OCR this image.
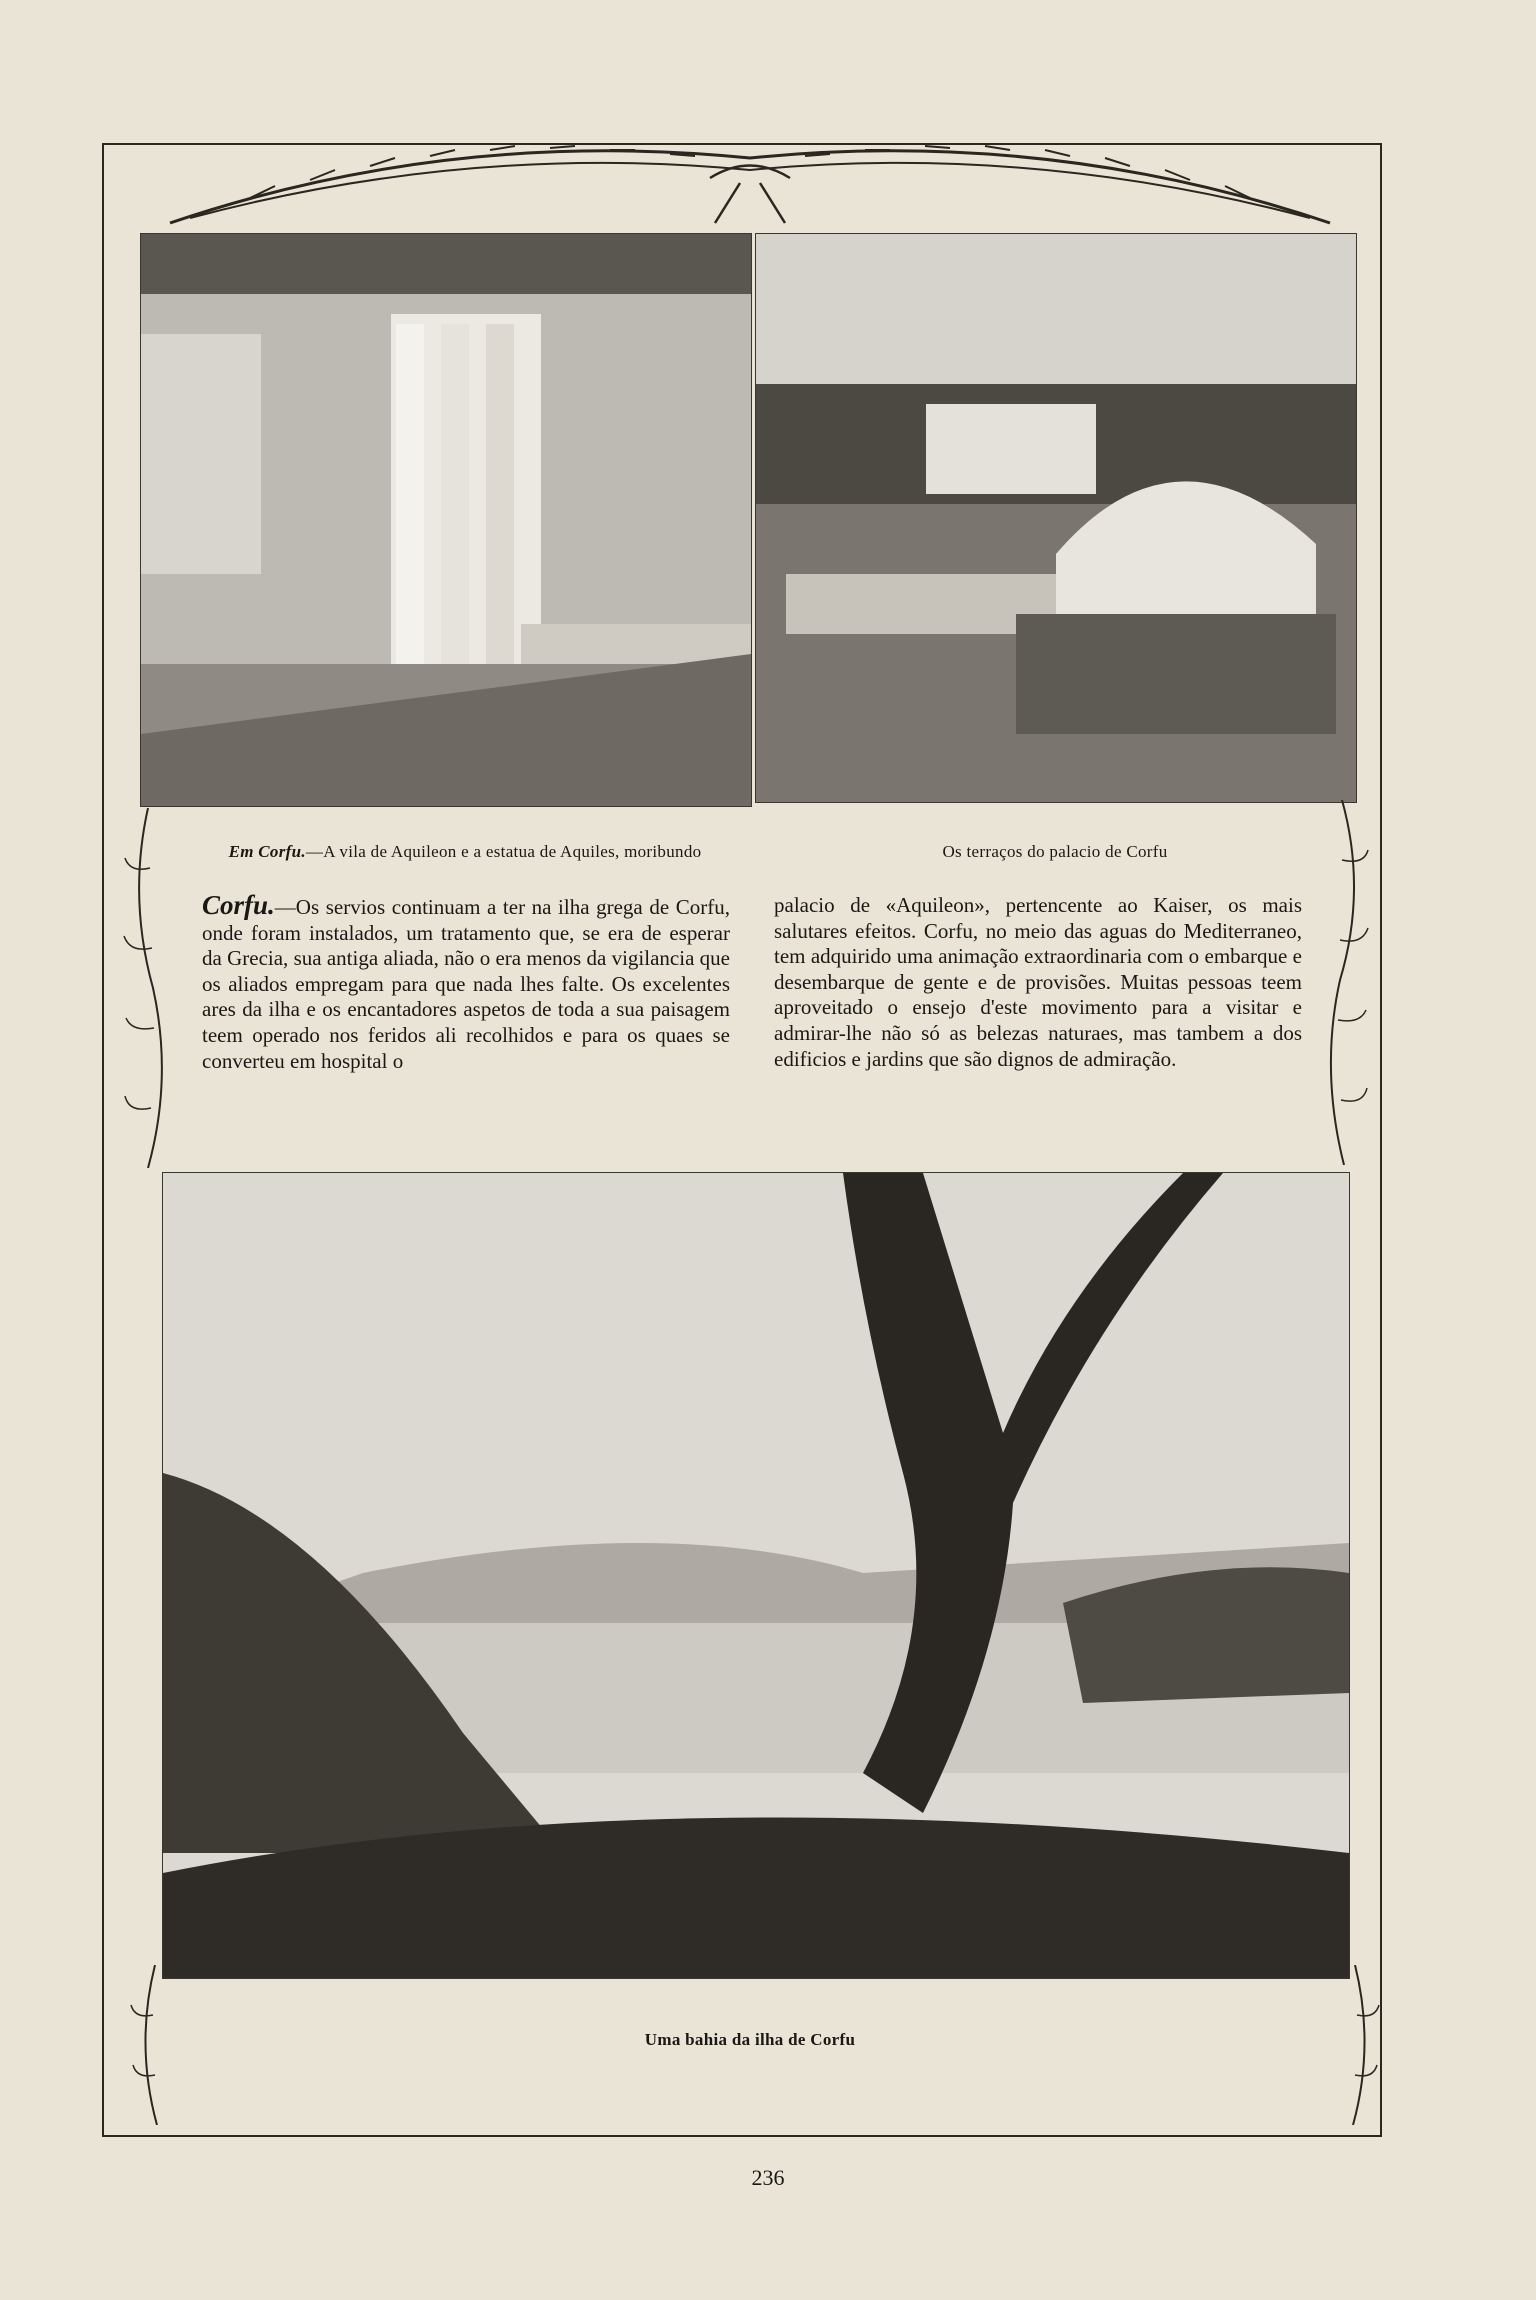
Em Corfu.—A vila de Aquileon e a estatua de Aquiles, moribundo	Os terraços do palacio de Corfu
Corfu.—Os servios continuam a ter na ilha grega de Corfu, onde foram instalados, um tratamento que, se era de esperar da Grecia, sua antiga aliada, não o era menos da vigilancia que os aliados empregam para que nada lhes falte. Os excelentes ares da ilha e os encantadores aspetos de toda a sua paisagem teem operado nos feridos ali recolhidos e para os quaes se converteu em hospital o
palacio de «Aquileon», pertencente ao Kaiser, os mais salutares efeitos. Corfu, no meio das aguas do Mediterraneo, tem adquirido uma animação extraordinaria com o embarque e desembarque de gente e de provisões. Muitas pessoas teem aproveitado o ensejo d'este movimento para a visitar e admirar-lhe não só as belezas naturaes, mas tambem a dos edificios e jardins que são dignos de admiração.
Uma bahia da ilha de Corfu
236
